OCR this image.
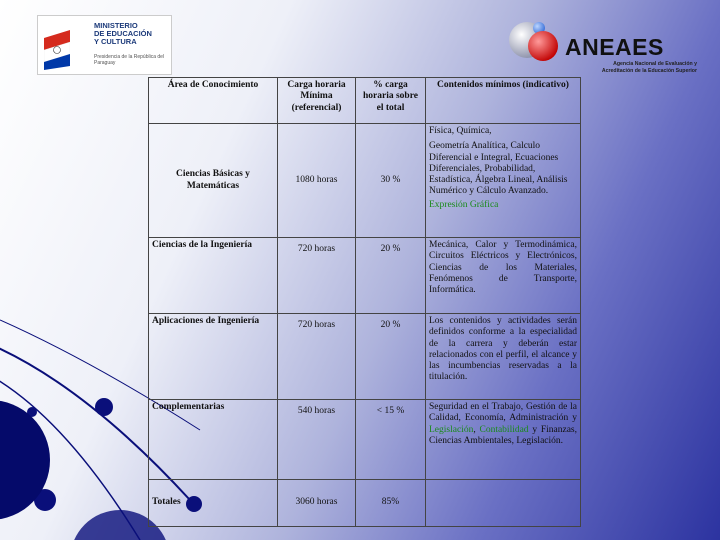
MINISTERIO
DE EDUCACIÓN
Y CULTURA
Presidencia de la República del Paraguay
ANEAES
Agencia Nacional de Evaluación y
Acreditación de la Educación Superior
Área de Conocimiento	Carga horaria Mínima (referencial)	% carga horaria sobre el total	Contenidos mínimos (indicativo)
Ciencias Básicas y Matemáticas	1080 horas	30 %	Física, Química,
Geometría Analítica, Calculo Diferencial e Integral, Ecuaciones Diferenciales, Probabilidad, Estadística, Álgebra Lineal, Análisis Numérico y Cálculo Avanzado.
Expresión Gráfica

Ciencias de la Ingeniería	720 horas	20 %	Mecánica, Calor y Termodinámica, Circuitos Eléctricos y Electrónicos, Ciencias de los Materiales, Fenómenos de Transporte, Informática.
Aplicaciones de Ingeniería	720 horas	20 %	Los contenidos y actividades serán definidos conforme a la especialidad de la carrera y deberán estar relacionados con el perfil, el alcance y las incumbencias reservadas a la titulación.
Complementarias	540 horas	< 15 %	Seguridad en el Trabajo, Gestión de la Calidad, Economía, Administración y Legislación, Contabilidad y Finanzas, Ciencias Ambientales, Legislación.
Totales	3060 horas	85%	
